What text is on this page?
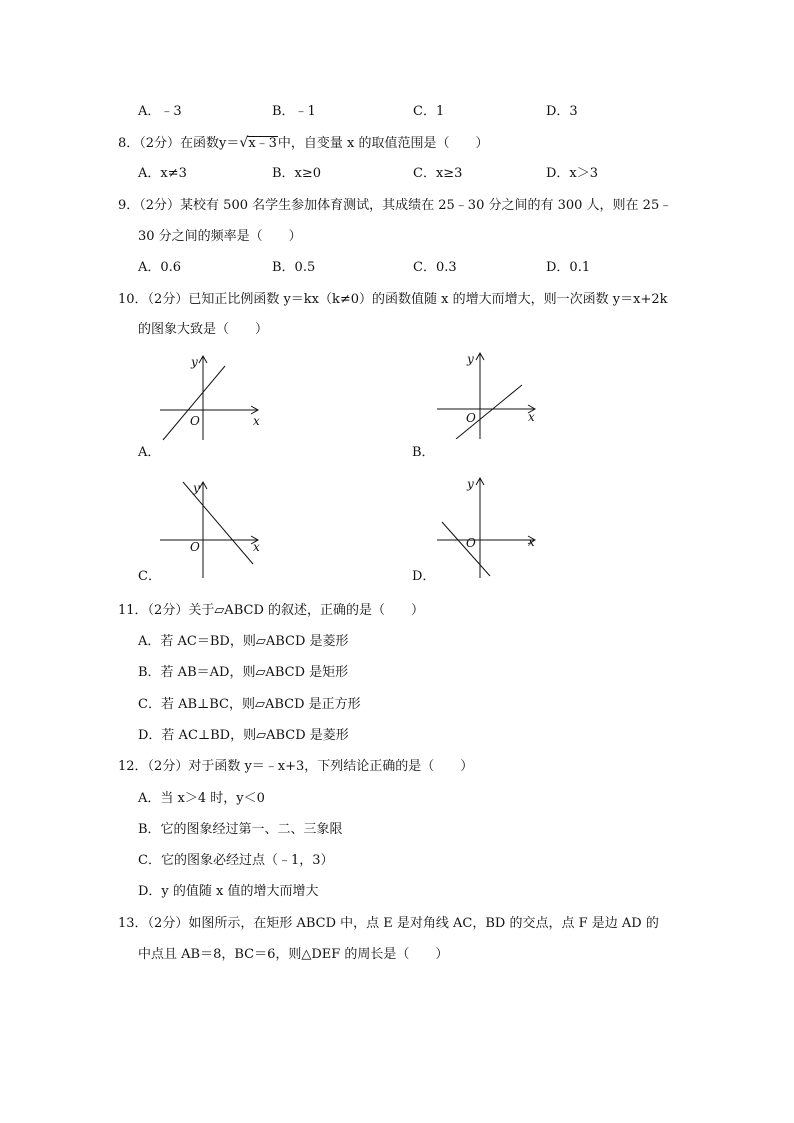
A．﹣3	B．﹣1	C．1	D．3
8．（2分）在函数y＝√x﹣3中，自变量 x 的取值范围是（　　）
A．x≠3	B．x≥0	C．x≥3	D．x＞3
9．（2分）某校有 500 名学生参加体育测试，其成绩在 25﹣30 分之间的有 300 人，则在 25﹣
30 分之间的频率是（　　）
A．0.6	B．0.5	C．0.3	D．0.1
10．（2分）已知正比例函数 y＝kx（k≠0）的函数值随 x 的增大而增大，则一次函数 y＝x+2k
的图象大致是（　　）
x
y
O
A．
x
y
O
B．
x
y
O
C．
x
y
O
D．
11．（2分）关于▱ABCD 的叙述，正确的是（　　）
A．若 AC＝BD，则▱ABCD 是菱形
B．若 AB＝AD，则▱ABCD 是矩形
C．若 AB⊥BC，则▱ABCD 是正方形
D．若 AC⊥BD，则▱ABCD 是菱形
12．（2分）对于函数 y＝﹣x+3，下列结论正确的是（　　）
A．当 x＞4 时，y＜0
B．它的图象经过第一、二、三象限
C．它的图象必经过点（﹣1，3）
D．y 的值随 x 值的增大而增大
13．（2分）如图所示，在矩形 ABCD 中，点 E 是对角线 AC，BD 的交点，点 F 是边 AD 的
中点且 AB＝8，BC＝6，则△DEF 的周长是（　　）
